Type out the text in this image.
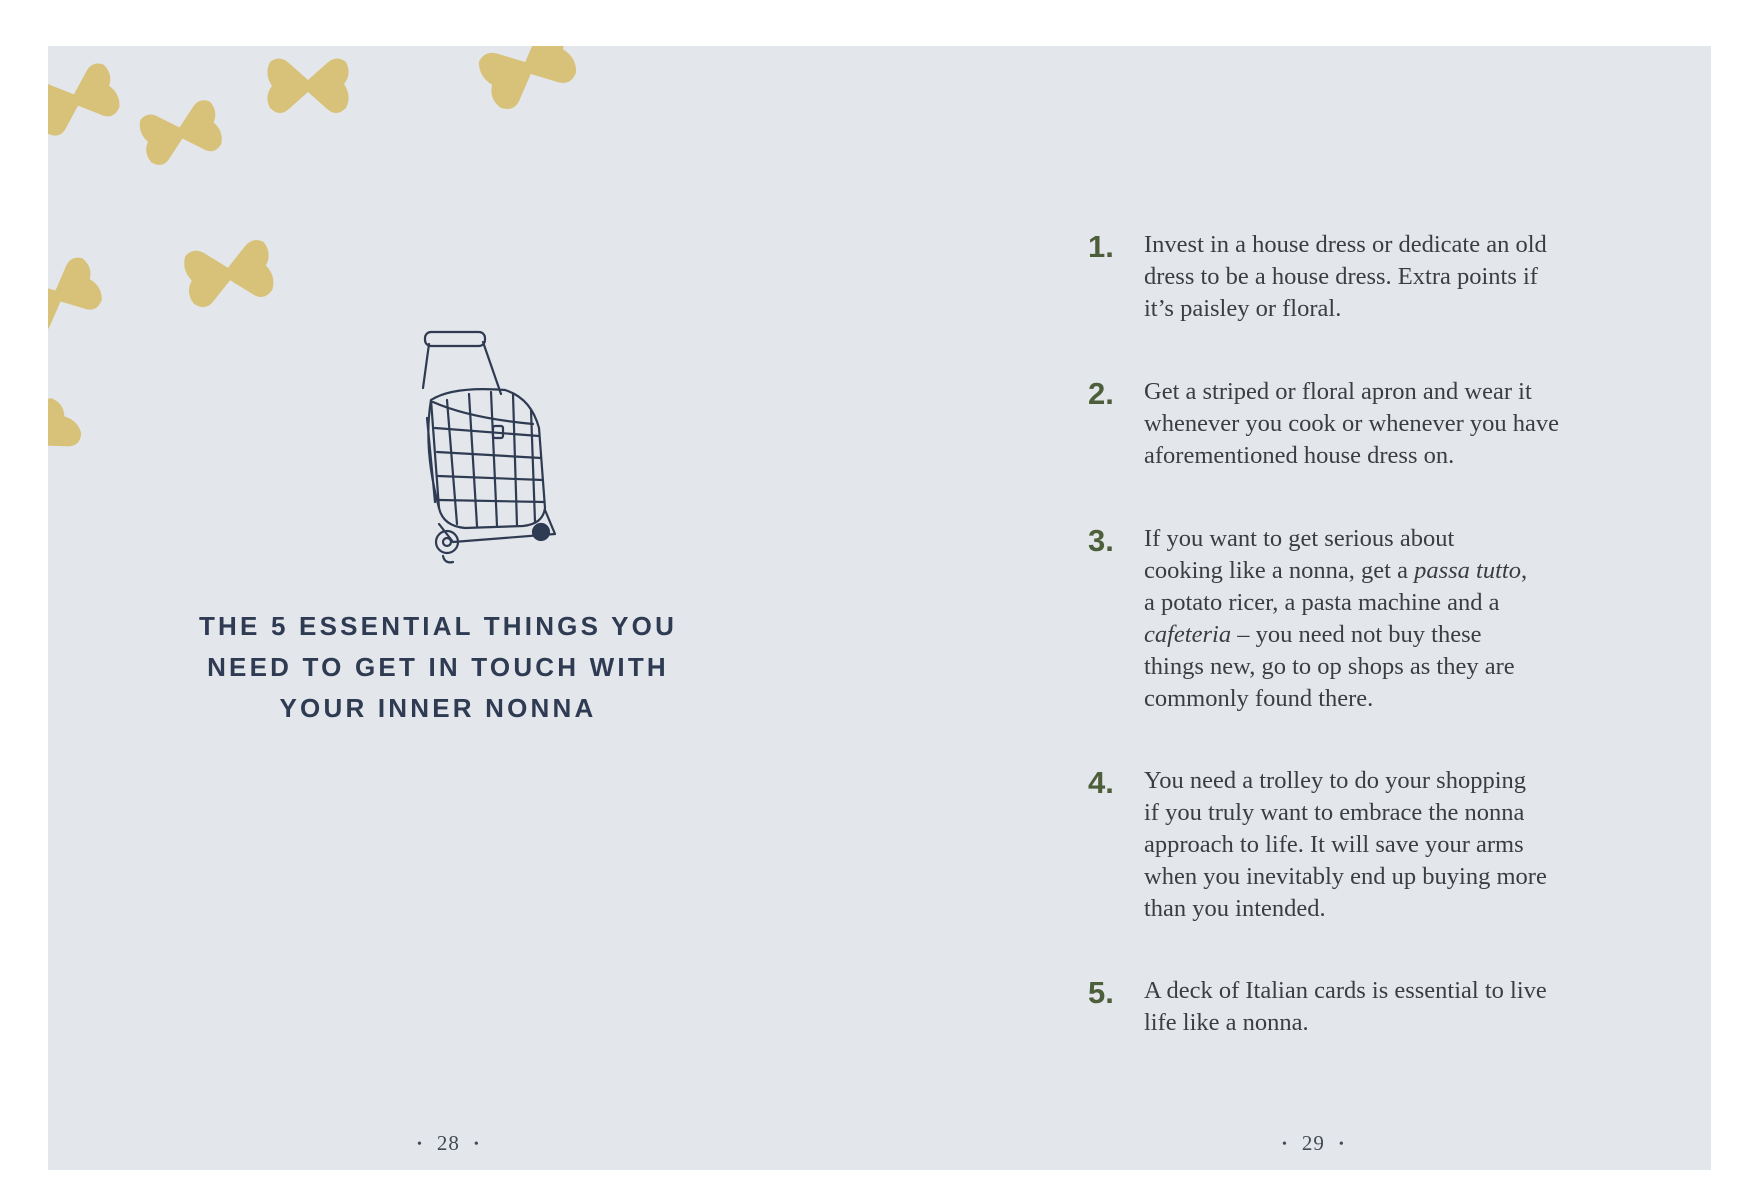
THE 5 ESSENTIAL THINGS YOU
NEED TO GET IN TOUCH WITH
YOUR INNER NONNA
• 28 •
1. Invest in a house dress or dedicate an old
dress to be a house dress. Extra points if
it’s paisley or floral.

2. Get a striped or floral apron and wear it
whenever you cook or whenever you have
aforementioned house dress on.

3. If you want to get serious about
cooking like a nonna, get a passa tutto,
a potato ricer, a pasta machine and a
cafeteria – you need not buy these
things new, go to op shops as they are
commonly found there.

4. You need a trolley to do your shopping
if you truly want to embrace the nonna
approach to life. It will save your arms
when you inevitably end up buying more
than you intended.

5. A deck of Italian cards is essential to live
life like a nonna.

• 29 •
